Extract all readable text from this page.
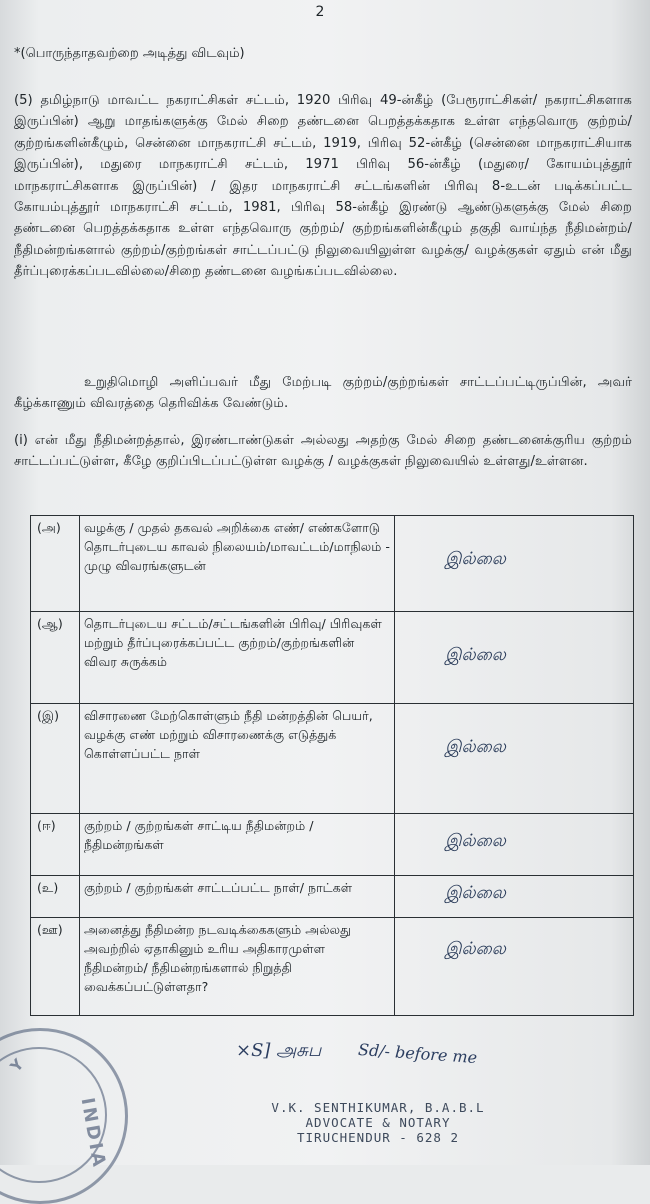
2
*(பொருந்தாதவற்றை அடித்து விடவும்)
(5) தமிழ்நாடு மாவட்ட நகராட்சிகள் சட்டம், 1920 பிரிவு 49-ன்கீழ் (பேரூராட்சிகள்/ நகராட்சிகளாக இருப்பின்) ஆறு மாதங்களுக்கு மேல் சிறை தண்டனை பெறத்தக்கதாக உள்ள எந்தவொரு குற்றம்/குற்றங்களின்கீழும், சென்னை மாநகராட்சி சட்டம், 1919, பிரிவு 52-ன்கீழ் (சென்னை மாநகராட்சியாக இருப்பின்), மதுரை மாநகராட்சி சட்டம், 1971 பிரிவு 56-ன்கீழ் (மதுரை/ கோயம்புத்தூர் மாநகராட்சிகளாக இருப்பின்) / இதர மாநகராட்சி சட்டங்களின் பிரிவு 8-உடன் படிக்கப்பட்ட கோயம்புத்தூர் மாநகராட்சி சட்டம், 1981, பிரிவு 58-ன்கீழ் இரண்டு ஆண்டுகளுக்கு மேல் சிறை தண்டனை பெறத்தக்கதாக உள்ள எந்தவொரு குற்றம்/ குற்றங்களின்கீழும் தகுதி வாய்ந்த நீதிமன்றம்/ நீதிமன்றங்களால் குற்றம்/குற்றங்கள் சாட்டப்பட்டு நிலுவையிலுள்ள வழக்கு/ வழக்குகள் ஏதும் என் மீது தீர்ப்புரைக்கப்படவில்லை/சிறை தண்டனை வழங்கப்படவில்லை.
உறுதிமொழி அளிப்பவர் மீது மேற்படி குற்றம்/குற்றங்கள் சாட்டப்பட்டிருப்பின், அவர் கீழ்க்காணும் விவரத்தை தெரிவிக்க வேண்டும்.
(i) என் மீது நீதிமன்றத்தால், இரண்டாண்டுகள் அல்லது அதற்கு மேல் சிறை தண்டனைக்குரிய குற்றம் சாட்டப்பட்டுள்ள, கீழே குறிப்பிடப்பட்டுள்ள வழக்கு / வழக்குகள் நிலுவையில் உள்ளது/உள்ளன.
(அ)	வழக்கு / முதல் தகவல் அறிக்கை எண்/ எண்களோடு தொடர்புடைய காவல் நிலையம்/மாவட்டம்/மாநிலம் - முழு விவரங்களுடன்	இல்லை

(ஆ)	தொடர்புடைய சட்டம்/சட்டங்களின் பிரிவு/ பிரிவுகள் மற்றும் தீர்ப்புரைக்கப்பட்ட குற்றம்/குற்றங்களின் விவர சுருக்கம்	இல்லை

(இ)	விசாரணை மேற்கொள்ளும் நீதி மன்றத்தின் பெயர், வழக்கு எண் மற்றும் விசாரணைக்கு எடுத்துக் கொள்ளப்பட்ட நாள்	இல்லை

(ஈ)	குற்றம் / குற்றங்கள் சாட்டிய நீதிமன்றம் / நீதிமன்றங்கள்	இல்லை

(உ)	குற்றம் / குற்றங்கள் சாட்டப்பட்ட நாள்/ நாட்கள்	இல்லை

(ஊ)	அனைத்து நீதிமன்ற நடவடிக்கைகளும் அல்லது அவற்றில் ஏதாகினும் உரிய அதிகாரமுள்ள நீதிமன்றம்/ நீதிமன்றங்களால் நிறுத்தி வைக்கப்பட்டுள்ளதா?	இல்லை
Y
INDIA
×S] அசுப Sd/- before me
V.K. SENTHIKUMAR, B.A.B.L
ADVOCATE & NOTARY
TIRUCHENDUR - 628 2
